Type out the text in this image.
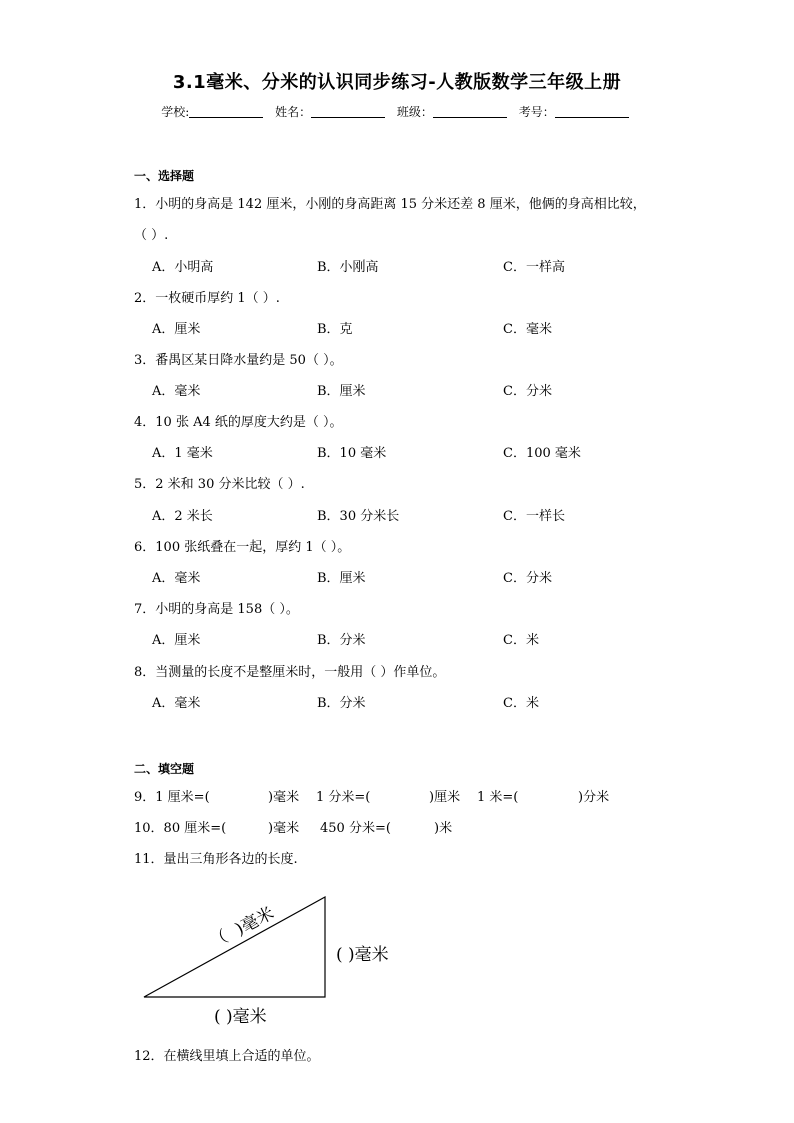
3.1毫米、分米的认识同步练习-人教版数学三年级上册
学校:	姓名：	班级：	考号：
一、选择题
1．小明的身高是 142 厘米，小刚的身高距离 15 分米还差 8 厘米，他俩的身高相比较，
（ ）.
A．小明高	B．小刚高	C．一样高
2．一枚硬币厚约 1（ ）.
A．厘米	B．克	C．毫米
3．番禺区某日降水量约是 50（ ）。
A．毫米	B．厘米	C．分米
4．10 张 A4 纸的厚度大约是（ ）。
A．1 毫米	B．10 毫米	C．100 毫米
5．2 米和 30 分米比较（ ）.
A．2 米长	B．30 分米长	C．一样长
6．100 张纸叠在一起，厚约 1（ ）。
A．毫米	B．厘米	C．分米
7．小明的身高是 158（ ）。
A．厘米	B．分米	C．米
8．当测量的长度不是整厘米时，一般用（ ）作单位。
A．毫米	B．分米	C．米
二、填空题
9．1 厘米=(	)毫米 1 分米=(	)厘米 1 米=(	)分米
10．80 厘米=(	)毫米 450 分米=(	)米
11．量出三角形各边的长度.
（ )毫米
( )毫米
( )毫米
12．在横线里填上合适的单位。
